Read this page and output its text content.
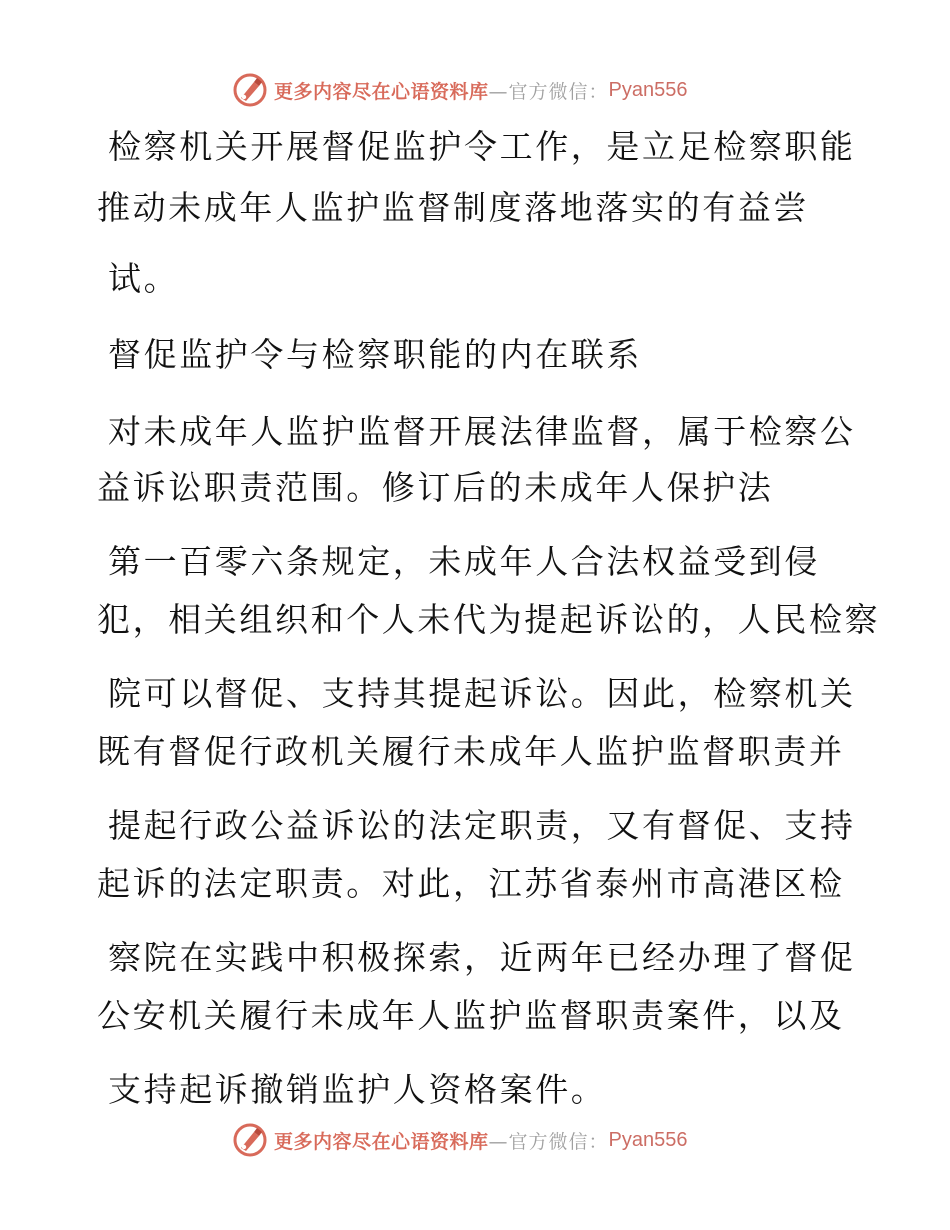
更多内容尽在心语资料库 —官方微信： Pyan556
检察机关开展督促监护令工作，是立足检察职能
推动未成年人监护监督制度落地落实的有益尝
试。
督促监护令与检察职能的内在联系
对未成年人监护监督开展法律监督，属于检察公
益诉讼职责范围。修订后的未成年人保护法
第一百零六条规定，未成年人合法权益受到侵
犯，相关组织和个人未代为提起诉讼的，人民检察
院可以督促、支持其提起诉讼。因此，检察机关
既有督促行政机关履行未成年人监护监督职责并
提起行政公益诉讼的法定职责，又有督促、支持
起诉的法定职责。对此，江苏省泰州市高港区检
察院在实践中积极探索，近两年已经办理了督促
公安机关履行未成年人监护监督职责案件，以及
支持起诉撤销监护人资格案件。
更多内容尽在心语资料库 —官方微信： Pyan556
